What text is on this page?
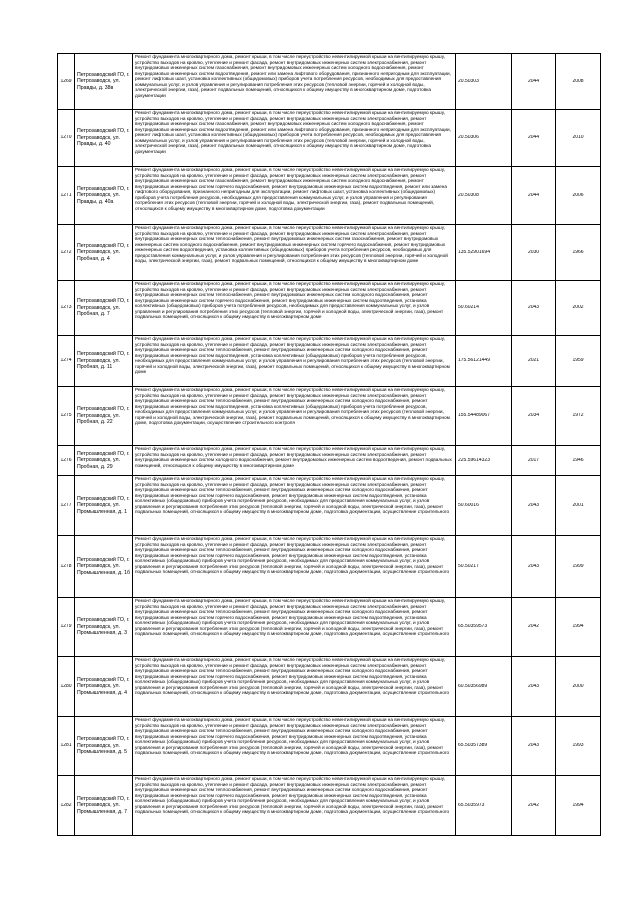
1269	Петрозаводский ГО, г. Петрозаводск, ул. Правды, д. 38в	Ремонт фундамента многоквартирного дома, ремонт крыши, в том числе переустройство невентилируемой крыши на вентилируемую крышу, устройство выходов на кровлю, утепление и ремонт фасада, ремонт внутридомовых инженерных систем электроснабжения, ремонт внутридомовых инженерных систем газоснабжения, ремонт внутридомовых инженерных систем холодного водоснабжения, ремонт внутридомовых инженерных систем водоотведения, ремонт или замена лифтового оборудования, признанного непригодным для эксплуатации, ремонт лифтовых шахт, установка коллективных (общедомовых) приборов учета потребления ресурсов, необходимых для предоставления коммунальных услуг, и узлов управления и регулирования потребления этих ресурсов (тепловой энергии, горячей и холодной воды, электрической энергии, газа), ремонт подвальных помещений, относящихся к общему имуществу в многоквартирном доме, подготовка документации	20.50303	2044	2008

1270	Петрозаводский ГО, г. Петрозаводск, ул. Правды, д. 40	Ремонт фундамента многоквартирного дома, ремонт крыши, в том числе переустройство невентилируемой крыши на вентилируемую крышу, устройство выходов на кровлю, утепление и ремонт фасада, ремонт внутридомовых инженерных систем электроснабжения, ремонт внутридомовых инженерных систем газоснабжения, ремонт внутридомовых инженерных систем холодного водоснабжения, ремонт внутридомовых инженерных систем водоотведения, ремонт или замена лифтового оборудования, признанного непригодным для эксплуатации, ремонт лифтовых шахт, установка коллективных (общедомовых) приборов учета потребления ресурсов, необходимых для предоставления коммунальных услуг, и узлов управления и регулирования потребления этих ресурсов (тепловой энергии, горячей и холодной воды, электрической энергии, газа), ремонт подвальных помещений, относящихся к общему имуществу в многоквартирном доме, подготовка документации	20.50306	2044	2010

1271	Петрозаводский ГО, г. Петрозаводск, ул. Правды, д. 40а	Ремонт фундамента многоквартирного дома, ремонт крыши, в том числе переустройство невентилируемой крыши на вентилируемую крышу, устройство выходов на кровлю, утепление и ремонт фасада, ремонт внутридомовых инженерных систем электроснабжения, ремонт внутридомовых инженерных систем газоснабжения, ремонт внутридомовых инженерных систем холодного водоснабжения, ремонт внутридомовых инженерных систем горячего водоснабжения, ремонт внутридомовых инженерных систем водоотведения, ремонт или замена лифтового оборудования, признанного непригодным для эксплуатации, ремонт лифтовых шахт, установка коллективных (общедомовых) приборов учета потребления ресурсов, необходимых для предоставления коммунальных услуг, и узлов управления и регулирования потребления этих ресурсов (тепловой энергии, горячей и холодной воды, электрической энергии, газа), ремонт подвальных помещений, относящихся к общему имуществу в многоквартирном доме, подготовка документации	20.50308	2044	2006

1272	Петрозаводский ГО, г. Петрозаводск, ул. Пробная, д. 4	Ремонт фундамента многоквартирного дома, ремонт крыши, в том числе переустройство невентилируемой крыши на вентилируемую крышу, устройство выходов на кровлю, утепление и ремонт фасада, ремонт внутридомовых инженерных систем электроснабжения, ремонт внутридомовых инженерных систем теплоснабжения, ремонт внутридомовых инженерных систем газоснабжения, ремонт внутридомовых инженерных систем холодного водоснабжения, ремонт внутридомовых инженерных систем горячего водоснабжения, ремонт внутридомовых инженерных систем водоотведения, установка коллективных (общедомовых) приборов учета потребления ресурсов, необходимых для предоставления коммунальных услуг, и узлов управления и регулирования потребления этих ресурсов (тепловой энергии, горячей и холодной воды, электрической энергии, газа), ремонт подвальных помещений, относящихся к общему имуществу в многоквартирном доме	135.52901694	2030	1966

1273	Петрозаводский ГО, г. Петрозаводск, ул. Пробная, д. 7	Ремонт фундамента многоквартирного дома, ремонт крыши, в том числе переустройство невентилируемой крыши на вентилируемую крышу, устройство выходов на кровлю, утепление и ремонт фасада, ремонт внутридомовых инженерных систем электроснабжения, ремонт внутридомовых инженерных систем теплоснабжения, ремонт внутридомовых инженерных систем холодного водоснабжения, ремонт внутридомовых инженерных систем горячего водоснабжения, ремонт внутридомовых инженерных систем водоотведения, установка коллективных (общедомовых) приборов учета потребления ресурсов, необходимых для предоставления коммунальных услуг, и узлов управления и регулирования потребления этих ресурсов (тепловой энергии, горячей и холодной воды, электрической энергии, газа), ремонт подвальных помещений, относящихся к общему имуществу в многоквартирном доме	50.60214	2043	2002

1274	Петрозаводский ГО, г. Петрозаводск, ул. Пробная, д. 11	Ремонт фундамента многоквартирного дома, ремонт крыши, в том числе переустройство невентилируемой крыши на вентилируемую крышу, устройство выходов на кровлю, утепление и ремонт фасада, ремонт внутридомовых инженерных систем электроснабжения, ремонт внутридомовых инженерных систем теплоснабжения, ремонт внутридомовых инженерных систем холодного водоснабжения, ремонт внутридомовых инженерных систем водоотведения, установка коллективных (общедомовых) приборов учета потребления ресурсов, необходимых для предоставления коммунальных услуг, и узлов управления и регулирования потребления этих ресурсов (тепловой энергии, горячей и холодной воды, электрической энергии, газа), ремонт подвальных помещений, относящихся к общему имуществу в многоквартирном доме	175.56121449	2021	1959

1275	Петрозаводский ГО, г. Петрозаводск, ул. Пробная, д. 22	Ремонт фундамента многоквартирного дома, ремонт крыши, в том числе переустройство невентилируемой крыши на вентилируемую крышу, устройство выходов на кровлю, утепление и ремонт фасада, ремонт внутридомовых инженерных систем электроснабжения, ремонт внутридомовых инженерных систем теплоснабжения, ремонт внутридомовых инженерных систем холодного водоснабжения, ремонт внутридомовых инженерных систем водоотведения, установка коллективных (общедомовых) приборов учета потребления ресурсов, необходимых для предоставления коммунальных услуг, и узлов управления и регулирования потребления этих ресурсов (тепловой энергии, горячей и холодной воды, электрической энергии, газа), ремонт подвальных помещений, относящихся к общему имуществу в многоквартирном доме, подготовка документации, осуществление строительного контроля	155.54489067	2034	1972

1276	Петрозаводский ГО, г. Петрозаводск, ул. Пробная, д. 29	Ремонт фундамента многоквартирного дома, ремонт крыши, в том числе переустройство невентилируемой крыши на вентилируемую крышу, устройство выходов на кровлю, утепление и ремонт фасада, ремонт внутридомовых инженерных систем электроснабжения, ремонт внутридомовых инженерных систем холодного водоснабжения, ремонт внутридомовых инженерных систем водоотведения, ремонт подвальных помещений, относящихся к общему имуществу в многоквартирном доме	225.59614323	2017	1946

1277	Петрозаводский ГО, г. Петрозаводск, ул. Промышленная, д. 1	Ремонт фундамента многоквартирного дома, ремонт крыши, в том числе переустройство невентилируемой крыши на вентилируемую крышу, устройство выходов на кровлю, утепление и ремонт фасада, ремонт внутридомовых инженерных систем электроснабжения, ремонт внутридомовых инженерных систем теплоснабжения, ремонт внутридомовых инженерных систем холодного водоснабжения, ремонт внутридомовых инженерных систем горячего водоснабжения, ремонт внутридомовых инженерных систем водоотведения, установка коллективных (общедомовых) приборов учета потребления ресурсов, необходимых для предоставления коммунальных услуг, и узлов управления и регулирования потребления этих ресурсов (тепловой энергии, горячей и холодной воды, электрической энергии, газа), ремонт подвальных помещений, относящихся к общему имуществу в многоквартирном доме, подготовка документации, осуществление строительного	50.60016	2043	2001

1278	Петрозаводский ГО, г. Петрозаводск, ул. Промышленная, д. 1б	Ремонт фундамента многоквартирного дома, ремонт крыши, в том числе переустройство невентилируемой крыши на вентилируемую крышу, устройство выходов на кровлю, утепление и ремонт фасада, ремонт внутридомовых инженерных систем электроснабжения, ремонт внутридомовых инженерных систем теплоснабжения, ремонт внутридомовых инженерных систем холодного водоснабжения, ремонт внутридомовых инженерных систем горячего водоснабжения, ремонт внутридомовых инженерных систем водоотведения, установка коллективных (общедомовых) приборов учета потребления ресурсов, необходимых для предоставления коммунальных услуг, и узлов управления и регулирования потребления этих ресурсов (тепловой энергии, горячей и холодной воды, электрической энергии, газа), ремонт подвальных помещений, относящихся к общему имуществу в многоквартирном доме, подготовка документации, осуществление строительного	50.50217	2043	1999

1279	Петрозаводский ГО, г. Петрозаводск, ул. Промышленная, д. 3	Ремонт фундамента многоквартирного дома, ремонт крыши, в том числе переустройство невентилируемой крыши на вентилируемую крышу, устройство выходов на кровлю, утепление и ремонт фасада, ремонт внутридомовых инженерных систем электроснабжения, ремонт внутридомовых инженерных систем теплоснабжения, ремонт внутридомовых инженерных систем холодного водоснабжения, ремонт внутридомовых инженерных систем горячего водоснабжения, ремонт внутридомовых инженерных систем водоотведения, установка коллективных (общедомовых) приборов учета потребления ресурсов, необходимых для предоставления коммунальных услуг, и узлов управления и регулирования потребления этих ресурсов (тепловой энергии, горячей и холодной воды, электрической энергии, газа), ремонт подвальных помещений, относящихся к общему имуществу в многоквартирном доме, подготовка документации, осуществление строительного	65.50359573	2042	1994

1280	Петрозаводский ГО, г. Петрозаводск, ул. Промышленная, д. 4	Ремонт фундамента многоквартирного дома, ремонт крыши, в том числе переустройство невентилируемой крыши на вентилируемую крышу, устройство выходов на кровлю, утепление и ремонт фасада, ремонт внутридомовых инженерных систем электроснабжения, ремонт внутридомовых инженерных систем теплоснабжения, ремонт внутридомовых инженерных систем холодного водоснабжения, ремонт внутридомовых инженерных систем горячего водоснабжения, ремонт внутридомовых инженерных систем водоотведения, установка коллективных (общедомовых) приборов учета потребления ресурсов, необходимых для предоставления коммунальных услуг, и узлов управления и регулирования потребления этих ресурсов (тепловой энергии, горячей и холодной воды, электрической энергии, газа), ремонт подвальных помещений, относящихся к общему имуществу в многоквартирном доме, подготовка документации, осуществление строительного	60.50356989	2043	2000

1281	Петрозаводский ГО, г. Петрозаводск, ул. Промышленная, д. 5	Ремонт фундамента многоквартирного дома, ремонт крыши, в том числе переустройство невентилируемой крыши на вентилируемую крышу, устройство выходов на кровлю, утепление и ремонт фасада, ремонт внутридомовых инженерных систем электроснабжения, ремонт внутридомовых инженерных систем теплоснабжения, ремонт внутридомовых инженерных систем холодного водоснабжения, ремонт внутридомовых инженерных систем горячего водоснабжения, ремонт внутридомовых инженерных систем водоотведения, установка коллективных (общедомовых) приборов учета потребления ресурсов, необходимых для предоставления коммунальных услуг, и узлов управления и регулирования потребления этих ресурсов (тепловой энергии, горячей и холодной воды, электрической энергии, газа), ремонт подвальных помещений, относящихся к общему имуществу в многоквартирном доме, подготовка документации, осуществление строительного	65.50357389	2043	1993

1282	Петрозаводский ГО, г. Петрозаводск, ул. Промышленная, д. 7	Ремонт фундамента многоквартирного дома, ремонт крыши, в том числе переустройство невентилируемой крыши на вентилируемую крышу, устройство выходов на кровлю, утепление и ремонт фасада, ремонт внутридомовых инженерных систем электроснабжения, ремонт внутридомовых инженерных систем теплоснабжения, ремонт внутридомовых инженерных систем холодного водоснабжения, ремонт внутридомовых инженерных систем горячего водоснабжения, ремонт внутридомовых инженерных систем водоотведения, установка коллективных (общедомовых) приборов учета потребления ресурсов, необходимых для предоставления коммунальных услуг, и узлов управления и регулирования потребления этих ресурсов (тепловой энергии, горячей и холодной воды, электрической энергии, газа), ремонт подвальных помещений, относящихся к общему имуществу в многоквартирном доме, подготовка документации, осуществление строительного	65.5035973	2042	1994
